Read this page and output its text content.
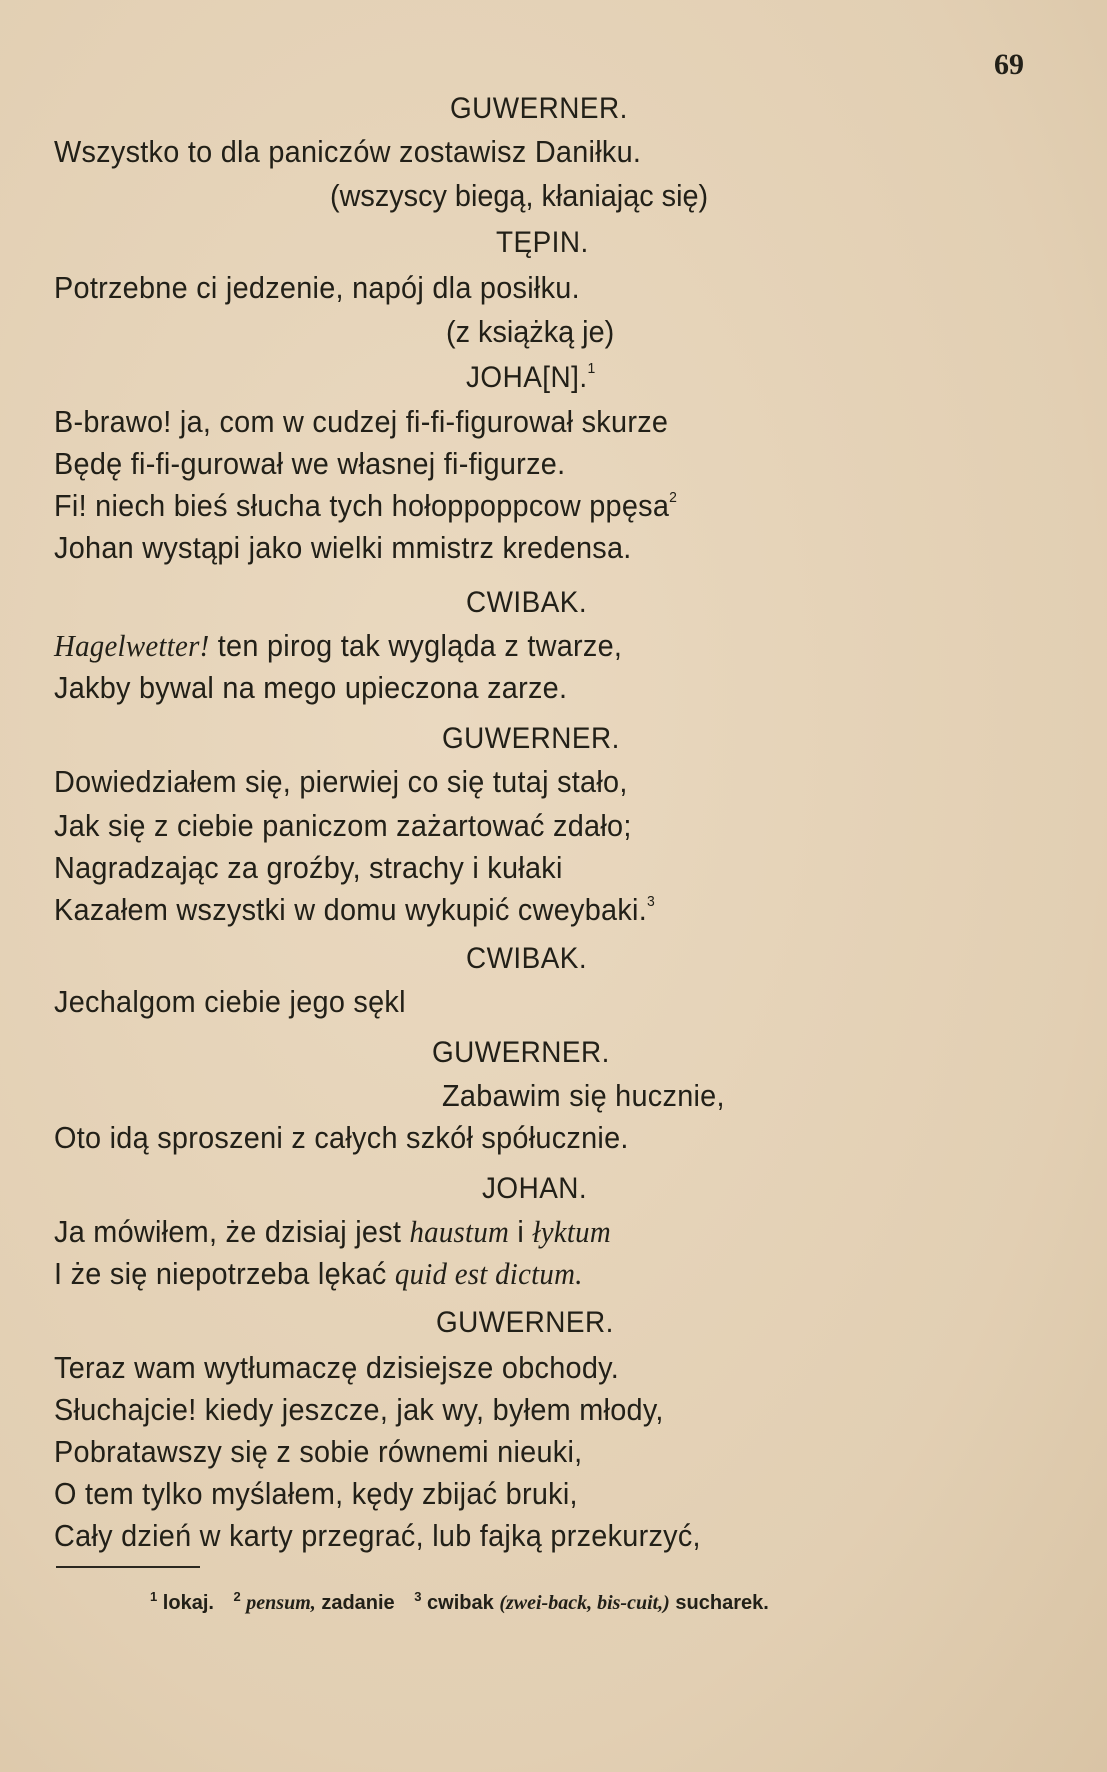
69
GUWERNER.
Wszystko to dla paniczów zostawisz Daniłku.
(wszyscy biegą, kłaniając się)
TĘPIN.
Potrzebne ci jedzenie, napój dla posiłku.
(z książką je)
JOHA[N].$^1$
B-brawo! ja, com w cudzej fi-fi-figurował skurze
Będę fi-fi-gurował we własnej fi-figurze.
Fi! niech bieś słucha tych hołoppoppcow ppęsa$^2$
Johan wystąpi jako wielki mmistrz kredensa.
CWIBAK.
Hagelwetter! ten pirog tak wygląda z twarze,
Jakby bywal na mego upieczona zarze.
GUWERNER.
Dowiedziałem się, pierwiej co się tutaj stało,
Jak się z ciebie paniczom zażartować zdało;
Nagradzając za groźby, strachy i kułaki
Kazałem wszystki w domu wykupić cweybaki.$^3$
CWIBAK.
Jechalgom ciebie jego sękl
GUWERNER.
Zabawim się hucznie,
Oto idą sproszeni z całych szkół spółucznie.
JOHAN.
Ja mówiłem, że dzisiaj jest haustum i łyktum
I że się niepotrzeba lękać quid est dictum.
GUWERNER.
Teraz wam wytłumaczę dzisiejsze obchody.
Słuchajcie! kiedy jeszcze, jak wy, byłem młody,
Pobratawszy się z sobie równemi nieuki,
O tem tylko myślałem, kędy zbijać bruki,
Cały dzień w karty przegrać, lub fajką przekurzyć,
$^1$ lokaj. $^2$ pensum, zadanie $^3$ cwibak (zwei-back, bis-cuit,) sucharek.
